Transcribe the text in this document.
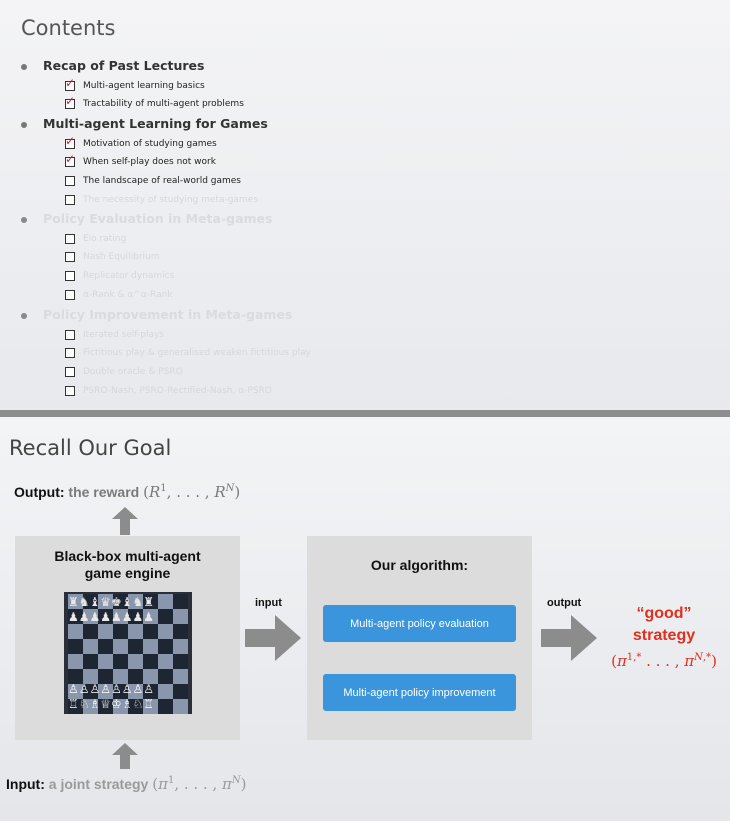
Contents
Recap of Past Lectures
✓ Multi-agent learning basics
✓ Tractability of multi-agent problems
Multi-agent Learning for Games
✓ Motivation of studying games
✓ When self-play does not work
The landscape of real-world games
The necessity of studying meta-games
Policy Evaluation in Meta-games
Elo rating
Nash Equilibrium
Replicator dynamics
α-Rank & α^α-Rank
Policy Improvement in Meta-games
Iterated self-plays
Fictitious play & generalised weaken fictitious play
Double oracle & PSRO
PSRO-Nash, PSRO-Rectified-Nash, α-PSRO
Recall Our Goal
Output: the reward ($R^1$, . . . , $R^N$)
Black-box multi-agent
game engine
♜♞♝♛♚♝♞♜
♟♟♟♟♟♟♟♟
♙♙♙♙♙♙♙♙
♖♘♗♕♔♗♘♖
input
Our algorithm:
Multi-agent policy evaluation
Multi-agent policy improvement
output
“good”
strategy
($\pi^{1,*}$ . . . , $\pi^{N,*}$)
Input: a joint strategy ($\pi^1$, . . . , $\pi^N$)
